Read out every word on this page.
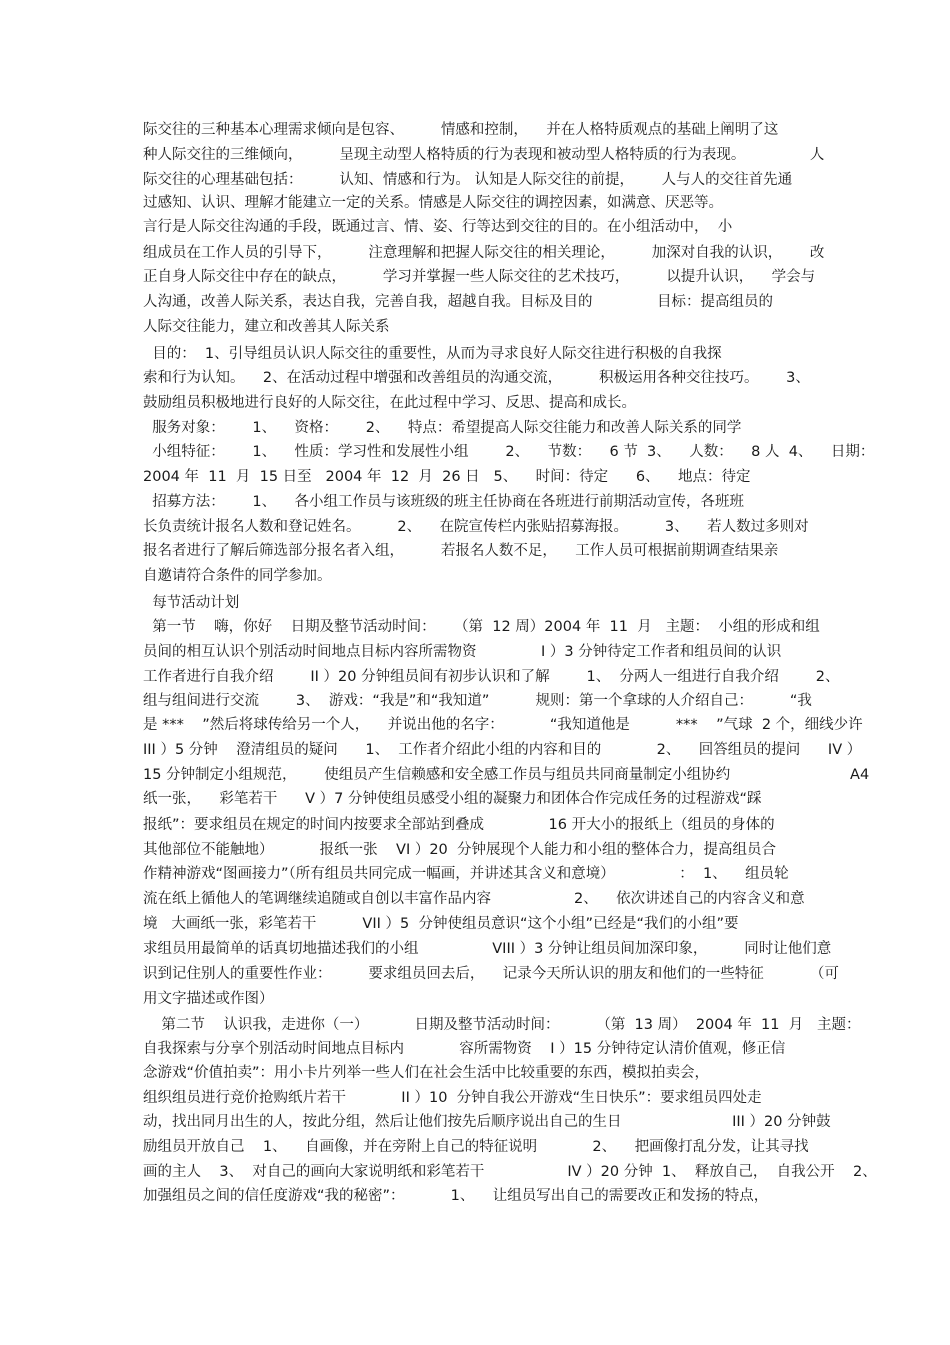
际交往的三种基本心理需求倾向是包容、        情感和控制，    并在人格特质观点的基础上阐明了这
种人际交往的三维倾向，        呈现主动型人格特质的行为表现和被动型人格特质的行为表现。              人
际交往的心理基础包括：        认知、情感和行为。 认知是人际交往的前提，      人与人的交往首先通
过感知、认识、理解才能建立一定的关系。情感是人际交往的调控因素，如满意、厌恶等。
言行是人际交往沟通的手段，既通过言、情、姿、行等达到交往的目的。在小组活动中，  小
组成员在工作人员的引导下，        注意理解和把握人际交往的相关理论，        加深对自我的认识，      改
正自身人际交往中存在的缺点，        学习并掌握一些人际交往的艺术技巧，        以提升认识，    学会与
人沟通，改善人际关系，表达自我，完善自我，超越自我。目标及目的              目标：提高组员的
人际交往能力，建立和改善其人际关系
目的：  1、引导组员认识人际交往的重要性，从而为寻求良好人际交往进行积极的自我探
索和行为认知。    2、在活动过程中增强和改善组员的沟通交流，        积极运用各种交往技巧。      3、
鼓励组员积极地进行良好的人际交往，在此过程中学习、反思、提高和成长。
服务对象：      1、    资格：      2、    特点：希望提高人际交往能力和改善人际关系的同学
小组特征：      1、    性质：学习性和发展性小组        2、    节数：    6 节  3、    人数：    8 人  4、    日期：
2004 年  11  月  15 日至   2004 年  12  月  26 日   5、    时间：待定      6、    地点：待定
招募方法：      1、    各小组工作员与该班级的班主任协商在各班进行前期活动宣传，各班班
长负责统计报名人数和登记姓名。        2、    在院宣传栏内张贴招募海报。        3、    若人数过多则对
报名者进行了解后筛选部分报名者入组，        若报名人数不足，    工作人员可根据前期调查结果亲
自邀请符合条件的同学参加。
每节活动计划
第一节    嗨，你好    日期及整节活动时间：    （第  12 周）2004 年  11  月   主题：  小组的形成和组
员间的相互认识个别活动时间地点目标内容所需物资              I ）3 分钟待定工作者和组员间的认识
工作者进行自我介绍        II ）20 分钟组员间有初步认识和了解        1、  分两人一组进行自我介绍        2、
组与组间进行交流        3、  游戏：“我是”和“我知道”          规则：第一个拿球的人介绍自己：        “我
是 ***    ”然后将球传给另一个人，    并说出他的名字：          “我知道他是          ***    ”气球  2 个，细线少许
III ）5 分钟    澄清组员的疑问      1、  工作者介绍此小组的内容和目的            2、    回答组员的提问      IV ）
15 分钟制定小组规范，      使组员产生信赖感和安全感工作员与组员共同商量制定小组协约                          A4
纸一张，    彩笔若干      V ）7 分钟使组员感受小组的凝聚力和团体合作完成任务的过程游戏“踩
报纸”：要求组员在规定的时间内按要求全部站到叠成              16 开大小的报纸上（组员的身体的
其他部位不能触地）          报纸一张    VI ）20  分钟展现个人能力和小组的整体合力，提高组员合
作精神游戏“图画接力”（所有组员共同完成一幅画，并讲述其含义和意境）              ：  1、    组员轮
流在纸上循他人的笔调继续追随或自创以丰富作品内容                  2、    依次讲述自己的内容含义和意
境   大画纸一张，彩笔若干          VII ）5  分钟使组员意识“这个小组”已经是“我们的小组”要
求组员用最简单的话真切地描述我们的小组                VIII ）3 分钟让组员间加深印象，        同时让他们意
识到记住别人的重要性作业：        要求组员回去后，    记录今天所认识的朋友和他们的一些特征          （可
用文字描述或作图）
第二节    认识我，走进你（一）          日期及整节活动时间：        （第  13 周）  2004 年  11  月   主题：
自我探索与分享个别活动时间地点目标内            容所需物资    I ）15 分钟待定认清价值观，修正信
念游戏“价值拍卖”：用小卡片列举一些人们在社会生活中比较重要的东西，模拟拍卖会，
组织组员进行竞价抢购纸片若干            II ）10  分钟自我公开游戏“生日快乐”：要求组员四处走
动，找出同月出生的人，按此分组，然后让他们按先后顺序说出自己的生日                        III ）20 分钟鼓
励组员开放自己    1、    自画像，并在旁附上自己的特征说明            2、    把画像打乱分发，让其寻找
画的主人    3、  对自己的画向大家说明纸和彩笔若干                  IV ）20 分钟  1、  释放自己，  自我公开    2、
加强组员之间的信任度游戏“我的秘密”：          1、    让组员写出自己的需要改正和发扬的特点，
